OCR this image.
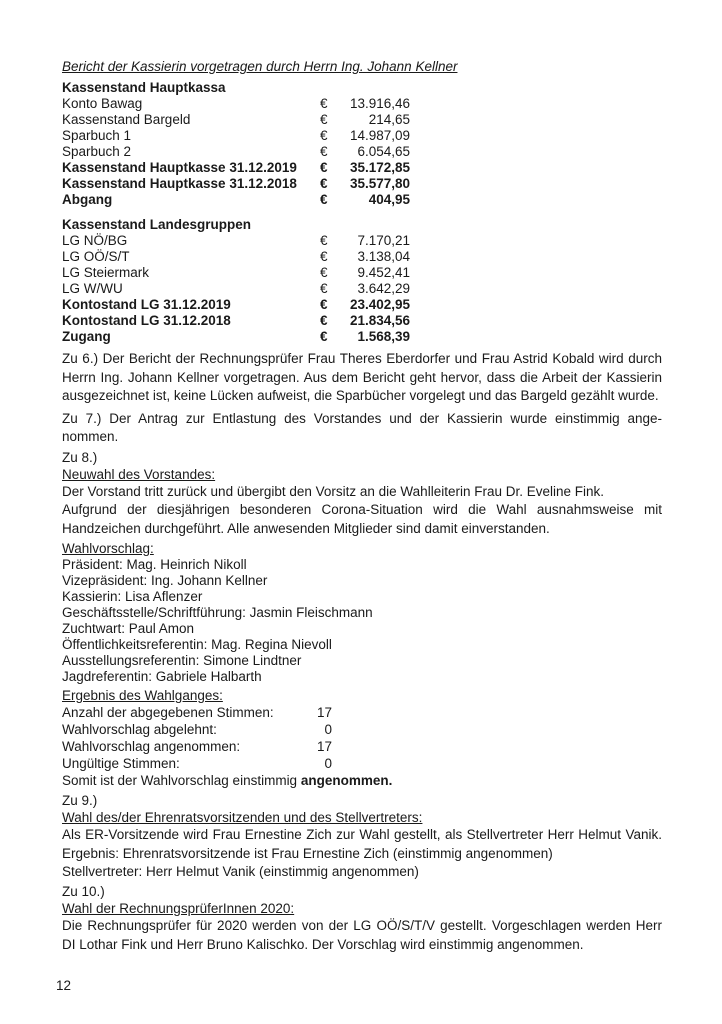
Bericht der Kassierin vorgetragen durch Herrn Ing. Johann Kellner
Kassenstand Hauptkassa
Konto Bawag	€	13.916,46
Kassenstand Bargeld	€	214,65
Sparbuch 1	€	14.987,09
Sparbuch 2	€	6.054,65
Kassenstand Hauptkasse 31.12.2019	€	35.172,85
Kassenstand Hauptkasse 31.12.2018	€	35.577,80
Abgang	€	404,95
Kassenstand Landesgruppen
LG NÖ/BG	€	7.170,21
LG OÖ/S/T	€	3.138,04
LG Steiermark	€	9.452,41
LG W/WU	€	3.642,29
Kontostand LG 31.12.2019	€	23.402,95
Kontostand LG 31.12.2018	€	21.834,56
Zugang	€	1.568,39

Zu 6.) Der Bericht der Rechnungsprüfer Frau Theres Eberdorfer und Frau Astrid Kobald wird durch Herrn Ing. Johann Kellner vorgetragen. Aus dem Bericht geht hervor, dass die Arbeit der Kassierin ausgezeichnet ist, keine Lücken aufweist, die Sparbücher vorgelegt und das Bargeld gezählt wurde.

Zu 7.) Der Antrag zur Entlastung des Vorstandes und der Kassierin wurde einstimmig ange-nommen.

Zu 8.)
Neuwahl des Vorstandes:

Der Vorstand tritt zurück und übergibt den Vorsitz an die Wahlleiterin Frau Dr. Eveline Fink.

Aufgrund der diesjährigen besonderen Corona-Situation wird die Wahl ausnahmsweise mit Handzeichen durchgeführt. Alle anwesenden Mitglieder sind damit einverstanden.

Wahlvorschlag:
Präsident: Mag. Heinrich Nikoll
Vizepräsident: Ing. Johann Kellner
Kassierin: Lisa Aflenzer
Geschäftsstelle/Schriftführung: Jasmin Fleischmann
Zuchtwart: Paul Amon
Öffentlichkeitsreferentin: Mag. Regina Nievoll
Ausstellungsreferentin: Simone Lindtner
Jagdreferentin: Gabriele Halbarth
Ergebnis des Wahlganges:
Anzahl der abgegebenen Stimmen:	17
Wahlvorschlag abgelehnt:	0
Wahlvorschlag angenommen:	17
Ungültige Stimmen:	0
Somit ist der Wahlvorschlag einstimmig angenommen.
Zu 9.)
Wahl des/der Ehrenratsvorsitzenden und des Stellvertreters:

Als ER-Vorsitzende wird Frau Ernestine Zich zur Wahl gestellt, als Stellvertreter Herr Helmut Vanik. Ergebnis: Ehrenratsvorsitzende ist Frau Ernestine Zich (einstimmig angenommen)

Stellvertreter: Herr Helmut Vanik (einstimmig angenommen)
Zu 10.)
Wahl der RechnungsprüferInnen 2020:

Die Rechnungsprüfer für 2020 werden von der LG OÖ/S/T/V gestellt. Vorgeschlagen werden Herr DI Lothar Fink und Herr Bruno Kalischko. Der Vorschlag wird einstimmig angenommen.

12
